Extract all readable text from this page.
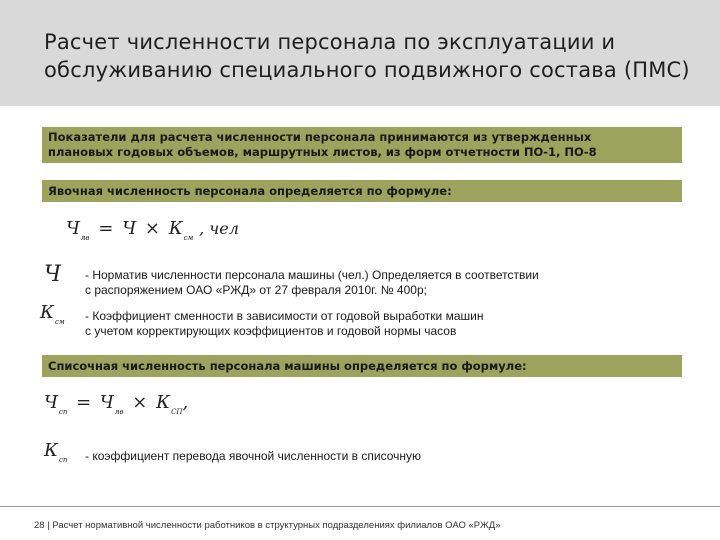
Расчет численности персонала по эксплуатации и
обслуживанию специального подвижного состава (ПМС)
Показатели для расчета численности персонала принимаются из утвержденных
плановых годовых объемов, маршрутных листов, из форм отчетности ПО-1, ПО-8
Явочная численность персонала определяется по формуле:
$Ч_{яв} = Ч \times К_{см}$ , чел
Ч - Норматив численности персонала машины (чел.) Определяется в соответствии
с распоряжением ОАО «РЖД» от 27 февраля 2010г. № 400р;
$К_{см}$ - Коэффициент сменности в зависимости от годовой выработки машин
с учетом корректирующих коэффициентов и годовой нормы часов
Списочная численность персонала машины определяется по формуле:
$Ч_{сп} = Ч_{яв} \times К_{СП}$,
$К_{сп}$ - коэффициент перевода явочной численности в списочную
28 | Расчет нормативной численности работников в структурных подразделениях филиалов ОАО «РЖД»
